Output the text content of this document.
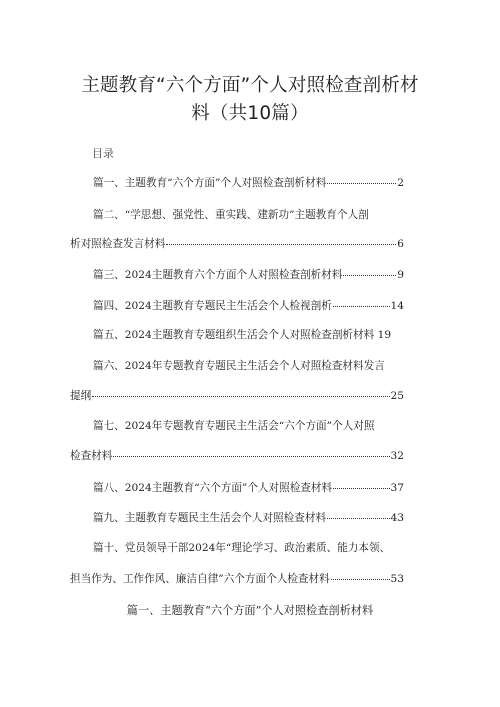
主题教育“六个方面”个人对照检查剖析材
料（共10篇）
目录
篇一、主题教育“六个方面”个人对照检查剖析材料	2
篇二、“学思想、强党性、重实践、建新功”主题教育个人剖
析对照检查发言材料	6
篇三、2024主题教育六个方面个人对照检查剖析材料	9
篇四、2024主题教育专题民主生活会个人检视剖析	14
篇五、2024主题教育专题组织生活会个人对照检查剖析材料 19
篇六、2024年专题教育专题民主生活会个人对照检查材料发言
提纲	25
篇七、2024年专题教育专题民主生活会“六个方面”个人对照
检查材料	32
篇八、2024主题教育“六个方面”个人对照检查材料	37
篇九、主题教育专题民主生活会个人对照检查材料	43
篇十、党员领导干部2024年“理论学习、政治素质、能力本领、
担当作为、工作作风、廉洁自律”六个方面个人检查材料	53
篇一、主题教育“六个方面”个人对照检查剖析材料
